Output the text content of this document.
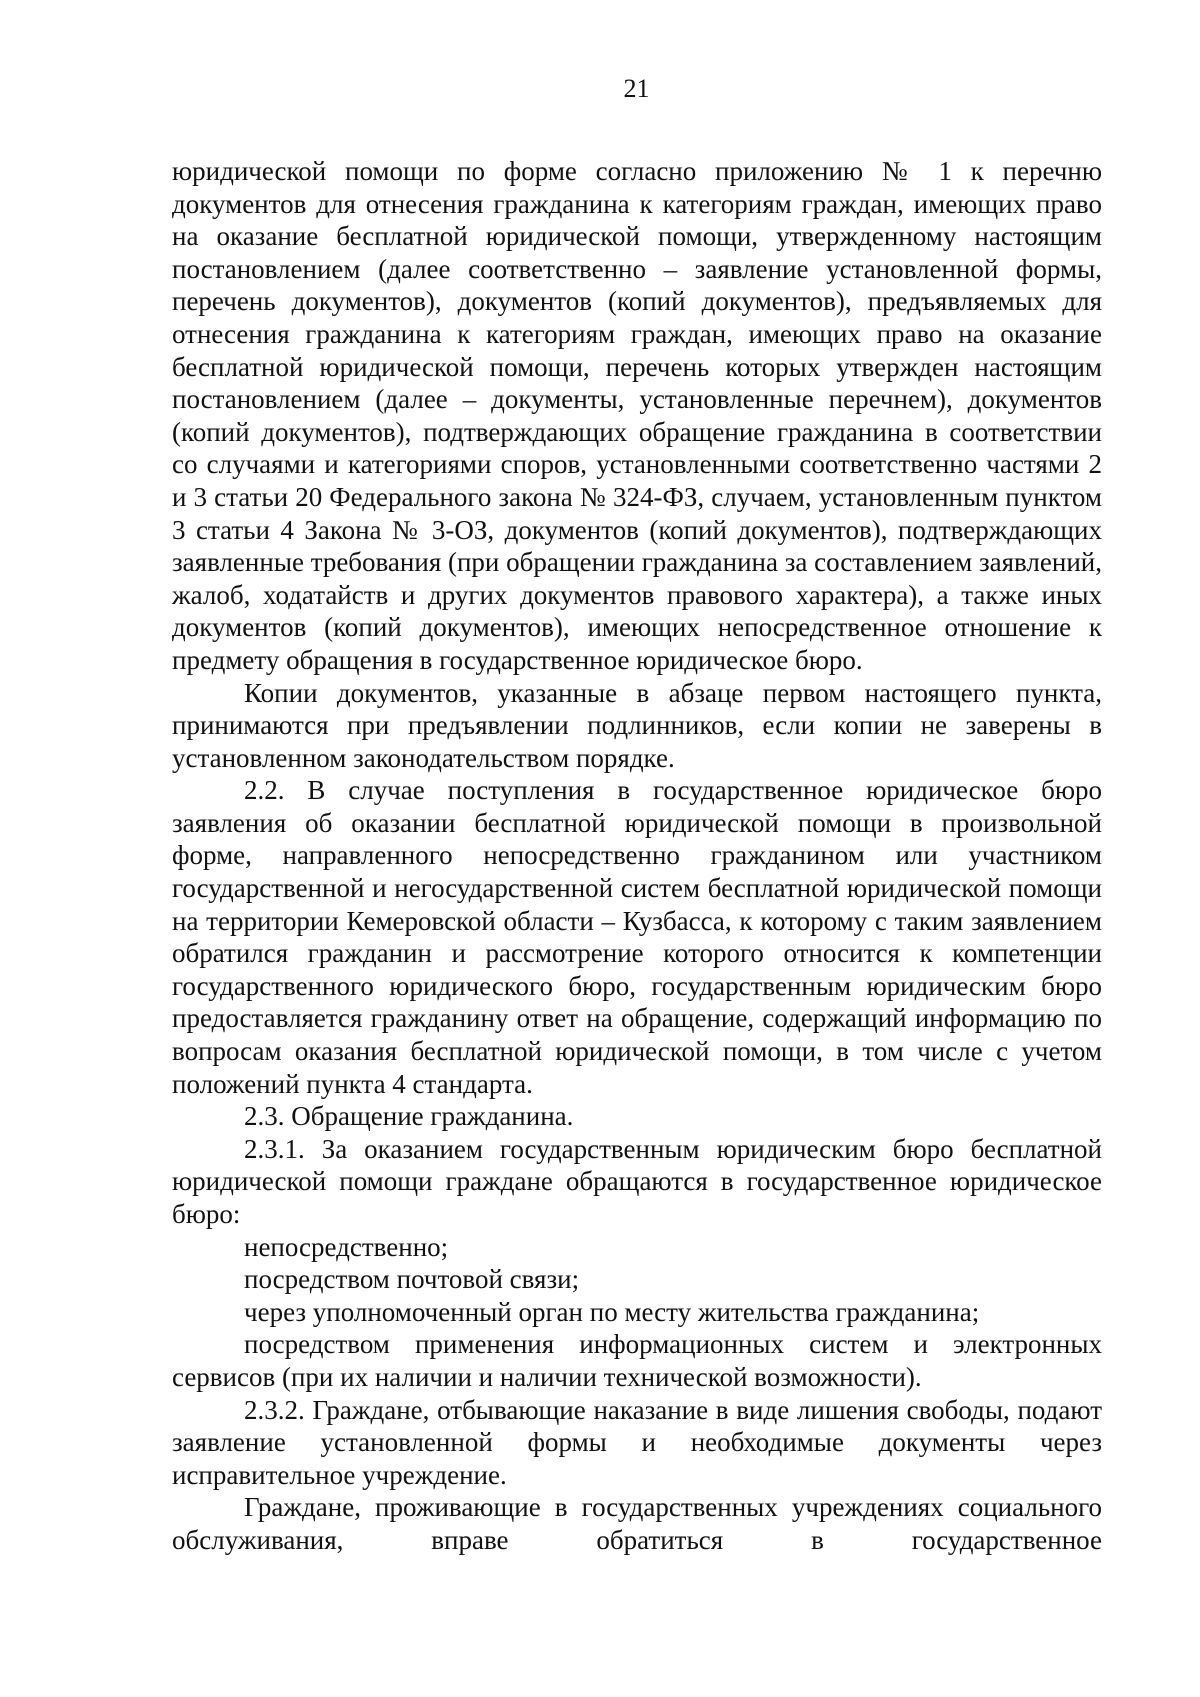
21

юридической помощи по форме согласно приложению № 1 к перечню документов для отнесения гражданина к категориям граждан, имеющих право на оказание бесплатной юридической помощи, утвержденному настоящим постановлением (далее соответственно – заявление установленной формы, перечень документов), документов (копий документов), предъявляемых для отнесения гражданина к категориям граждан, имеющих право на оказание бесплатной юридической помощи, перечень которых утвержден настоящим постановлением (далее – документы, установленные перечнем), документов (копий документов), подтверждающих обращение гражданина в соответствии со случаями и категориями споров, установленными соответственно частями 2 и 3 статьи 20 Федерального закона № 324-ФЗ, случаем, установленным пунктом 3 статьи 4 Закона № 3-ОЗ, документов (копий документов), подтверждающих заявленные требования (при обращении гражданина за составлением заявлений, жалоб, ходатайств и других документов правового характера), а также иных документов (копий документов), имеющих непосредственное отношение к предмету обращения в государственное юридическое бюро.

Копии документов, указанные в абзаце первом настоящего пункта, принимаются при предъявлении подлинников, если копии не заверены в установленном законодательством порядке.

2.2. В случае поступления в государственное юридическое бюро заявления об оказании бесплатной юридической помощи в произвольной форме, направленного непосредственно гражданином или участником государственной и негосударственной систем бесплатной юридической помощи на территории Кемеровской области – Кузбасса, к которому с таким заявлением обратился гражданин и рассмотрение которого относится к компетенции государственного юридического бюро, государственным юридическим бюро предоставляется гражданину ответ на обращение, содержащий информацию по вопросам оказания бесплатной юридической помощи, в том числе с учетом положений пункта 4 стандарта.

2.3. Обращение гражданина.

2.3.1. За оказанием государственным юридическим бюро бесплатной юридической помощи граждане обращаются в государственное юридическое бюро:

непосредственно;

посредством почтовой связи;

через уполномоченный орган по месту жительства гражданина;

посредством применения информационных систем и электронных сервисов (при их наличии и наличии технической возможности).

2.3.2. Граждане, отбывающие наказание в виде лишения свободы, подают заявление установленной формы и необходимые документы через исправительное учреждение.

Граждане, проживающие в государственных учреждениях социального обслуживания, вправе обратиться в государственное
